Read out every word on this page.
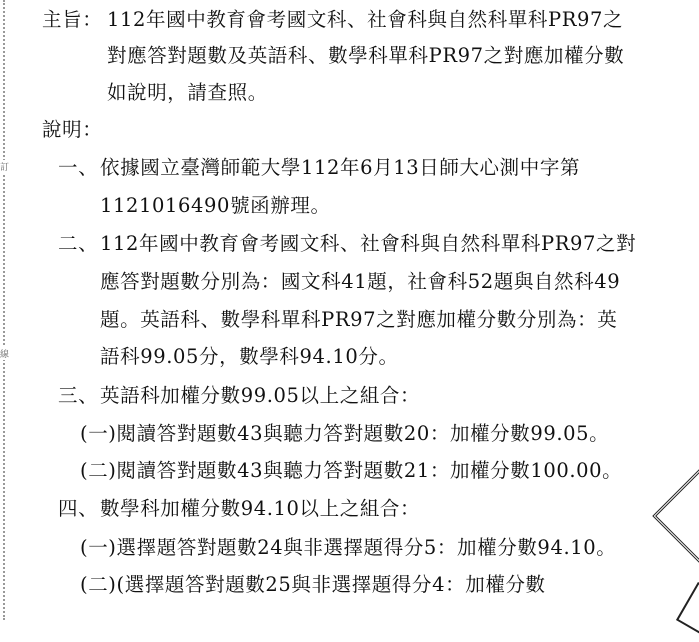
訂
線
主旨： 112年國中教育會考國文科、社會科與自然科單科PR97之
對應答對題數及英語科、數學科單科PR97之對應加權分數
如說明，請查照。
說明：
一、 依據國立臺灣師範大學112年6月13日師大心測中字第
1121016490號函辦理。
二、 112年國中教育會考國文科、社會科與自然科單科PR97之對
應答對題數分別為：國文科41題，社會科52題與自然科49
題。英語科、數學科單科PR97之對應加權分數分別為：英
語科99.05分，數學科94.10分。
三、 英語科加權分數99.05以上之組合：
(一)閱讀答對題數43與聽力答對題數20：加權分數99.05。
(二)閱讀答對題數43與聽力答對題數21：加權分數100.00。
四、 數學科加權分數94.10以上之組合：
(一)選擇題答對題數24與非選擇題得分5：加權分數94.10。
(二)(選擇題答對題數25與非選擇題得分4：加權分數
